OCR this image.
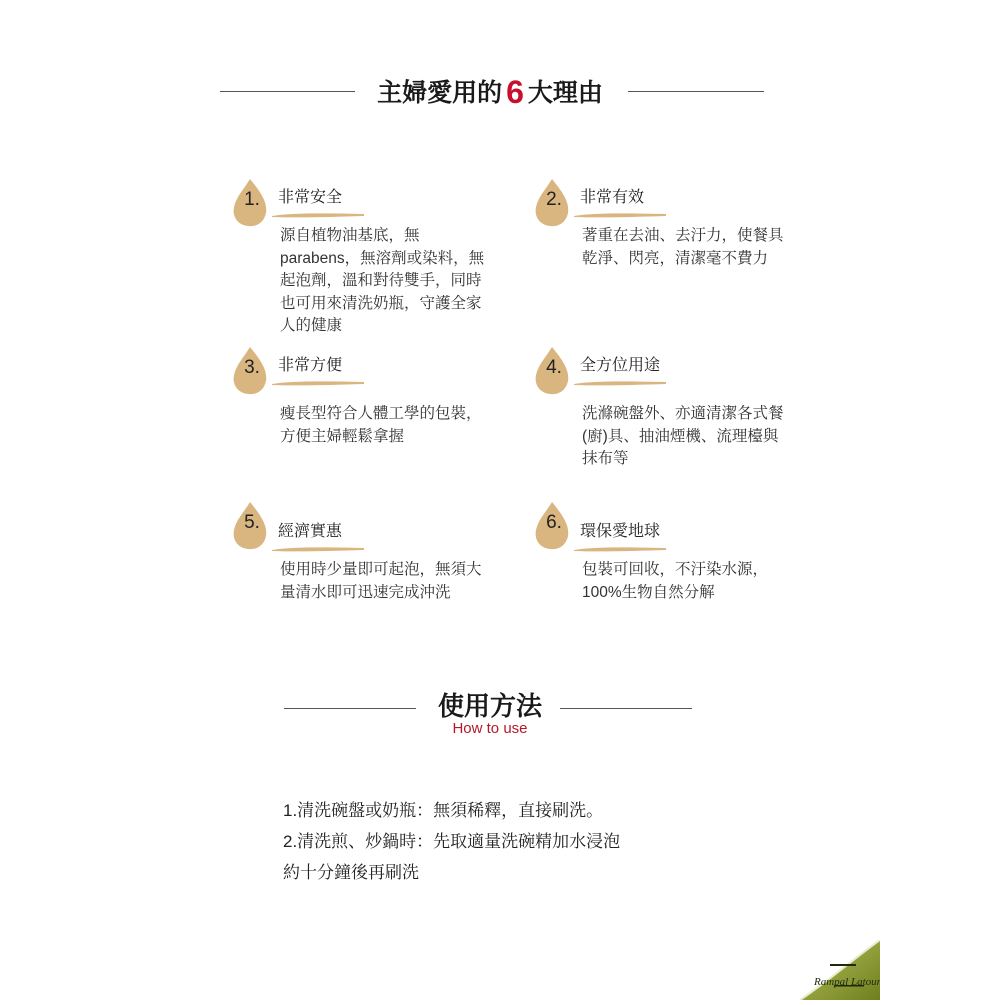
主婦愛用的 6 大理由
1.	非常安全
源自植物油基底，無parabens，無溶劑或染料，無起泡劑，溫和對待雙手，同時也可用來清洗奶瓶，守護全家人的健康
2.	非常有效
著重在去油、去汙力，使餐具乾淨、閃亮，清潔毫不費力
3.	非常方便
瘦長型符合人體工學的包裝，方便主婦輕鬆拿握
4.	全方位用途
洗滌碗盤外、亦適清潔各式餐(廚)具、抽油煙機、流理檯與抹布等
5.	經濟實惠
使用時少量即可起泡，無須大量清水即可迅速完成沖洗
6.	環保愛地球
包裝可回收，不汙染水源，100%生物自然分解
使用方法
How to use
1.清洗碗盤或奶瓶：無須稀釋，直接刷洗。
2.清洗煎、炒鍋時：先取適量洗碗精加水浸泡
約十分鐘後再刷洗
Rampal Latour
